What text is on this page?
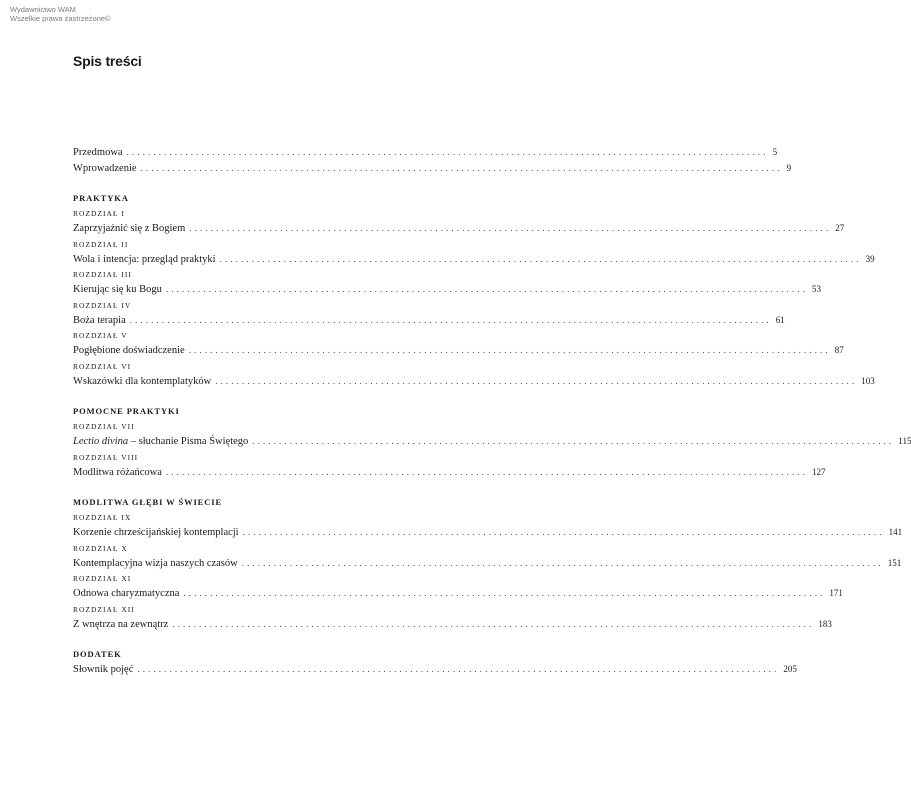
Wydawnictwo WAM
Wszelkie prawa zastrzeżone©
Spis treści
Przedmowa ........................................................................................................................ 5
Wprowadzenie ........................................................................................................................ 9
PRAKTYKA
ROZDZIAŁ I
Zaprzyjaźnić się z Bogiem ........................................................................................................................ 27
ROZDZIAŁ II
Wola i intencja: przegląd praktyki ........................................................................................................................ 39
ROZDZIAŁ III
Kierując się ku Bogu ........................................................................................................................ 53
ROZDZIAŁ IV
Boża terapia ........................................................................................................................ 61
ROZDZIAŁ V
Pogłębione doświadczenie ........................................................................................................................ 87
ROZDZIAŁ VI
Wskazówki dla kontemplatyków ........................................................................................................................ 103
POMOCNE PRAKTYKI
ROZDZIAŁ VII
Lectio divina – słuchanie Pisma Świętego ........................................................................................................................ 115
ROZDZIAŁ VIII
Modlitwa różańcowa ........................................................................................................................ 127
MODLITWA GŁĘBI W ŚWIECIE
ROZDZIAŁ IX
Korzenie chrześcijańskiej kontemplacji ........................................................................................................................ 141
ROZDZIAŁ X
Kontemplacyjna wizja naszych czasów ........................................................................................................................ 151
ROZDZIAŁ XI
Odnowa charyzmatyczna ........................................................................................................................ 171
ROZDZIAŁ XII
Z wnętrza na zewnątrz ........................................................................................................................ 183
DODATEK
Słownik pojęć ........................................................................................................................ 205
